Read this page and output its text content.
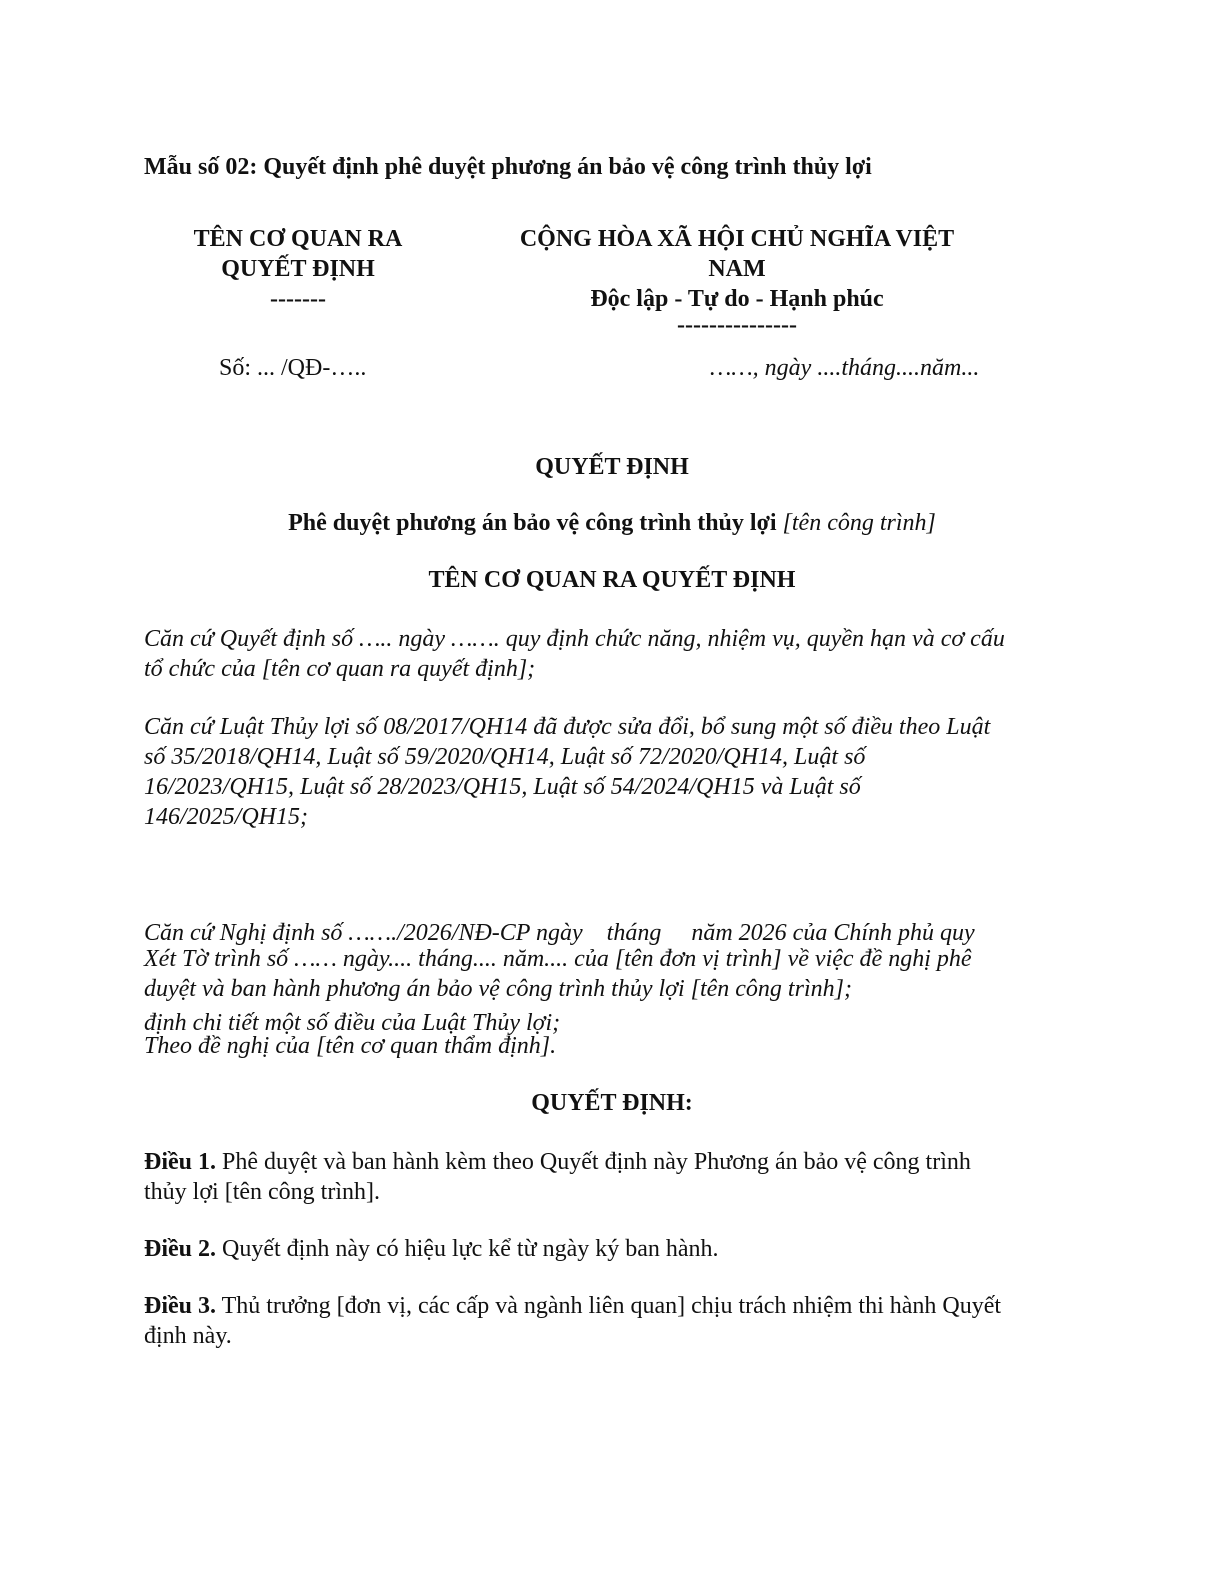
Mẫu số 02: Quyết định phê duyệt phương án bảo vệ công trình thủy lợi
TÊN CƠ QUAN RA
QUYẾT ĐỊNH
-------
CỘNG HÒA XÃ HỘI CHỦ NGHĨA VIỆT
NAM
Độc lập - Tự do - Hạnh phúc
---------------
Số: ... /QĐ-…..	……, ngày ....tháng....năm...
QUYẾT ĐỊNH
Phê duyệt phương án bảo vệ công trình thủy lợi [tên công trình]
TÊN CƠ QUAN RA QUYẾT ĐỊNH
Căn cứ Quyết định số ….. ngày ……. quy định chức năng, nhiệm vụ, quyền hạn và cơ cấu
tổ chức của [tên cơ quan ra quyết định];
Căn cứ Luật Thủy lợi số 08/2017/QH14 đã được sửa đổi, bổ sung một số điều theo Luật
số 35/2018/QH14, Luật số 59/2020/QH14, Luật số 72/2020/QH14, Luật số
16/2023/QH15, Luật số 28/2023/QH15, Luật số 54/2024/QH15 và Luật số
146/2025/QH15;

Căn cứ Nghị định số ……./2026/NĐ-CP ngày    tháng     năm 2026 của Chính phủ quy

định chi tiết một số điều của Luật Thủy lợi;

Xét Tờ trình số …… ngày.... tháng.... năm.... của [tên đơn vị trình] về việc đề nghị phê
duyệt và ban hành phương án bảo vệ công trình thủy lợi [tên công trình];
Theo đề nghị của [tên cơ quan thẩm định].
QUYẾT ĐỊNH:
Điều 1. Phê duyệt và ban hành kèm theo Quyết định này Phương án bảo vệ công trình
thủy lợi [tên công trình].
Điều 2. Quyết định này có hiệu lực kể từ ngày ký ban hành.
Điều 3. Thủ trưởng [đơn vị, các cấp và ngành liên quan] chịu trách nhiệm thi hành Quyết
định này.
